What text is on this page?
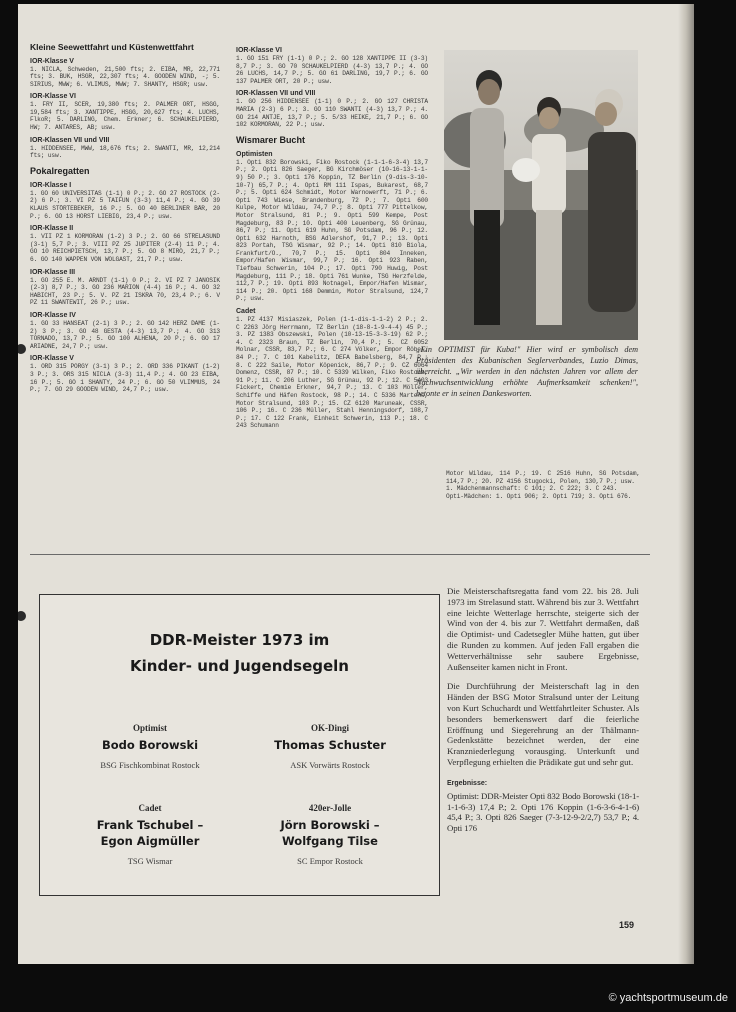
Kleine Seewettfahrt und Küstenwettfahrt
IOR-Klasse V

1. NICLA, Schweden, 21,500 fts; 2. EIBA, MR, 22,771 fts; 3. BUK, HSGR, 22,307 fts; 4. GOODEN WIND, -; 5. SIRIUS, MWW; 6. VLIMUS, MWW; 7. SHANTY, HSGR; usw.

IOR-Klasse VI

1. FRY II, SCER, 19,380 fts; 2. PALMER ORT, HSGG, 19,584 fts; 3. XANTIPPE, HSGG, 20,627 fts; 4. LUCHS, FlkoR; 5. DARLING, Chem. Erkner; 6. SCHAUKELPIERD, HW; 7. ANTARES, AB; usw.

IOR-Klassen VII und VIII

1. HIDDENSEE, MWW, 18,676 fts; 2. SWANTI, MR, 12,214 fts; usw.

Pokalregatten
IOR-Klasse I

1. GO 60 UNIVERSITAS (1-1) 0 P.; 2. GO 27 ROSTOCK (2-2) 6 P.; 3. VI PZ 5 TAIFUN (3-3) 11,4 P.; 4. GO 39 KLAUS STÖRTEBEKER, 16 P.; 5. GO 40 BERLINER BÄR, 20 P.; 6. GO 13 HORST LIEBIG, 23,4 P.; usw.

IOR-Klasse II

1. VII PZ 1 KORMORAN (1-2) 3 P.; 2. GO 66 STRELASUND (3-1) 5,7 P.; 3. VIII PZ 25 JUPITER (2-4) 11 P.; 4. GO 10 REICHPIETSCH, 13,7 P.; 5. GO 8 MIRO, 21,7 P.; 6. GO 140 WAPPEN VON WOLGAST, 21,7 P.; usw.

IOR-Klasse III

1. GO 255 E. M. ARNDT (1-1) 0 P.; 2. VI PZ 7 JANOSIK (2-3) 8,7 P.; 3. GO 236 MARION (4-4) 16 P.; 4. GO 32 HABICHT, 23 P.; 5. V. PZ 21 ISKRA 70, 23,4 P.; 6. V PZ 11 SWANTEWIT, 26 P.; usw.

IOR-Klasse IV

1. GO 33 HANSEAT (2-1) 3 P.; 2. GO 142 HERZ DAME (1-2) 3 P.; 3. GO 48 GESTA (4-3) 13,7 P.; 4. GO 313 TORNADO, 13,7 P.; 5. GO 100 ALHENA, 20 P.; 6. GO 17 ARIADNE, 24,7 P.; usw.

IOR-Klasse V

1. ORD 315 PORGY (3-1) 3 P.; 2. ORD 336 PIKANT (1-2) 3 P.; 3. ORS 315 NICLA (3-3) 11,4 P.; 4. GO 23 EIBA, 16 P.; 5. GO 1 SHANTY, 24 P.; 6. GO 50 VLIMMUS, 24 P.; 7. GO 29 GOODEN WIND, 24,7 P.; usw.

IOR-Klasse VI

1. GO 151 FRY (1-1) 0 P.; 2. GO 128 XANTIPPE II (3-3) 8,7 P.; 3. GO 70 SCHAUKELPIERD (4-3) 13,7 P.; 4. GO 26 LUCHS, 14,7 P.; 5. GO 61 DARLING, 19,7 P.; 6. GO 137 PALMER ORT, 20 P.; usw.

IOR-Klassen VII und VIII

1. GO 256 HIDDENSEE (1-1) 0 P.; 2. GO 127 CHRISTA MARIA (2-3) 6 P.; 3. GO 110 SWANTI (4-3) 13,7 P.; 4. GO 214 ANTJE, 13,7 P.; 5. 5/33 HEIKE, 21,7 P.; 6. GO 102 KORMORAN, 22 P.; usw.

Wismarer Bucht
Optimisten

1. Opti 832 Borowski, Fiko Rostock (1-1-1-6-3-4) 13,7 P.; 2. Opti 826 Saeger, BG Kirchmöser (10-16-13-1-1-9) 50 P.; 3. Opti 176 Koppin, TZ Berlin (9-dis-3-10-10-7) 65,7 P.; 4. Opti RM 111 Ispas, Bukarest, 68,7 P.; 5. Opti 624 Schmidt, Motor Warnowerft, 71 P.; 6. Opti 743 Wiese, Brandenburg, 72 P.; 7. Opti 600 Kulpe, Motor Wildau, 74,7 P.; 8. Opti 777 Pittelkow, Motor Stralsund, 81 P.; 9. Opti 599 Kempe, Post Magdeburg, 83 P.; 10. Opti 400 Leuenberg, SG Grünau, 86,7 P.; 11. Opti 619 Huhn, SG Potsdam, 96 P.; 12. Opti 632 Harnoth, BSG Adlershof, 91,7 P.; 13. Opti 823 Portah, TSG Wismar, 92 P.; 14. Opti 810 Biola, Frankfurt/O., 70,7 P.; 15. Opti 804 Inneken, Empor/Hafen Wismar, 99,7 P.; 16. Opti 923 Raben, Tiefbau Schwerin, 104 P.; 17. Opti 790 Huwig, Post Magdeburg, 111 P.; 18. Opti 761 Wunke, TSG Herzfelde, 112,7 P.; 19. Opti 893 Notnagel, Empor/Hafen Wismar, 114 P.; 20. Opti 168 Demmin, Motor Stralsund, 124,7 P.; usw.

Cadet

1. PZ 4137 Misiaszek, Polen (1-1-dis-1-1-2) 2 P.; 2. C 2263 Jörg Herrmann, TZ Berlin (18-8-1-9-4-4) 45 P.; 3. PZ 1383 Obszewski, Polen (10-13-15-3-3-19) 62 P.; 4. C 2323 Braun, TZ Berlin, 70,4 P.; 5. CZ 6052 Molnar, CSSR, 83,7 P.; 6. C 274 Völker, Empor Röbel, 84 P.; 7. C 101 Kabelitz, DEFA Babelsberg, 84,7 P.; 8. C 222 Saile, Motor Köpenick, 86,7 P.; 9. CZ 6064 Domenz, CSSR, 87 P.; 10. C 5339 Wilken, Fiko Rostock, 91 P.; 11. C 206 Luther, SG Grünau, 92 P.; 12. C 5403 Fickert, Chemie Erkner, 94,7 P.; 13. C 103 Möller, Schiffe und Häfen Rostock, 98 P.; 14. C 5336 Martens, Motor Stralsund, 103 P.; 15. CZ 6120 Maruneak, CSSR, 106 P.; 16. C 236 Müller, Stahl Henningsdorf, 108,7 P.; 17. C 122 Frank, Einheit Schwerin, 113 P.; 18. C 243 Schumann

„Ein OPTIMIST für Kuba!" Hier wird er symbolisch dem Präsidenten des Kubanischen Seglerverbandes, Luzio Dimas, überreicht. „Wir werden in den nächsten Jahren vor allem der Nachwuchsentwicklung erhöhte Aufmerksamkeit schenken!", betonte er in seinen Dankesworten.

Motor Wildau, 114 P.; 19. C 2516 Huhn, SG Potsdam, 114,7 P.; 20. PZ 4156 Stugocki, Polen, 130,7 P.; usw.

1. Mädchenmannschaft: C 101; 2. C 222; 3. C 243.

Opti-Mädchen: 1. Opti 906; 2. Opti 719; 3. Opti 676.

DDR-Meister 1973 im
Kinder- und Jugendsegeln
Optimist
Bodo Borowski
BSG Fischkombinat Rostock
OK-Dingi
Thomas Schuster
ASK Vorwärts Rostock
Cadet
Frank Tschubel –
Egon Aigmüller
TSG Wismar
420er-Jolle
Jörn Borowski –
Wolfgang Tilse
SC Empor Rostock

Die Meisterschaftsregatta fand vom 22. bis 28. Juli 1973 im Strelasund statt. Während bis zur 3. Wettfahrt eine leichte Wetterlage herrschte, steigerte sich der Wind von der 4. bis zur 7. Wettfahrt dermaßen, daß die Optimist- und Cadetsegler Mühe hatten, gut über die Runden zu kommen. Auf jeden Fall ergaben die Wetterverhältnisse sehr saubere Ergebnisse, Außenseiter kamen nicht in Front.

Die Durchführung der Meisterschaft lag in den Händen der BSG Motor Stralsund unter der Leitung von Kurt Schuchardt und Wettfahrtleiter Schuster. Als besonders bemerkenswert darf die feierliche Eröffnung und Siegerehrung an der Thälmann-Gedenkstätte bezeichnet werden, der eine Kranzniederlegung vorausging. Unterkunft und Verpflegung erhielten die Prädikate gut und sehr gut.

Ergebnisse:

Optimist: DDR-Meister Opti 832 Bodo Borowski (18-1-1-1-6-3) 17,4 P.; 2. Opti 176 Koppin (1-6-3-6-4-1-6) 45,4 P.; 3. Opti 826 Saeger (7-3-12-9-2/2,7) 53,7 P.; 4. Opti 176

159
© yachtsportmuseum.de
